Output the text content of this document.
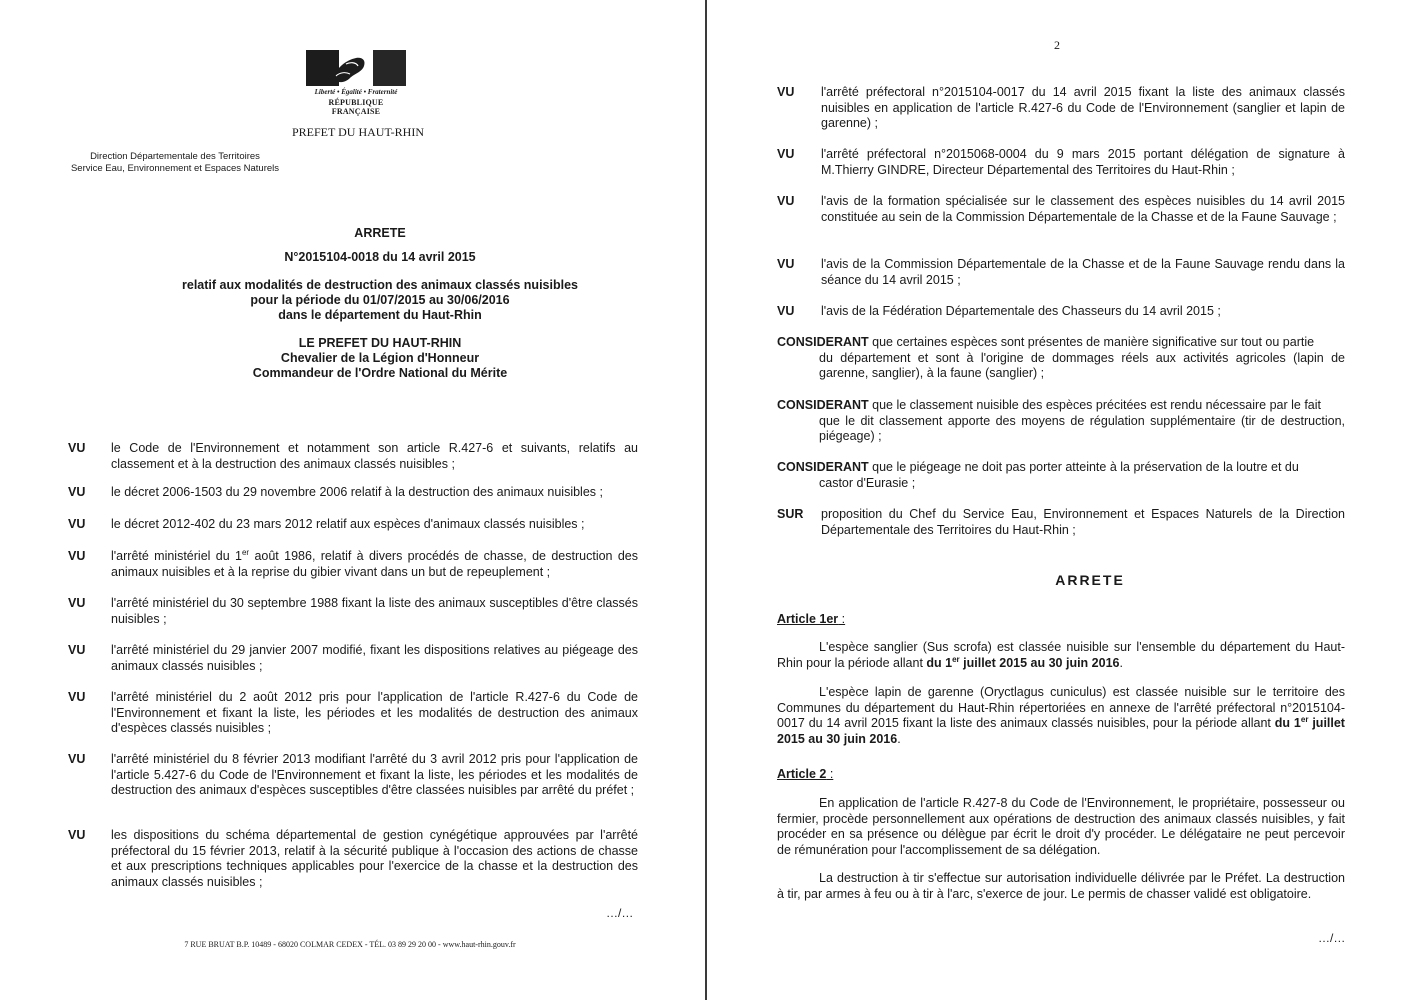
Liberté • Égalité • Fraternité
RÉPUBLIQUE FRANÇAISE
PREFET DU HAUT-RHIN
Direction Départementale des Territoires
Service Eau, Environnement et Espaces Naturels
ARRETE
N°2015104-0018 du 14 avril 2015
relatif aux modalités de destruction des animaux classés nuisibles
pour la période du 01/07/2015 au 30/06/2016
dans le département du Haut-Rhin
LE PREFET DU HAUT-RHIN
Chevalier de la Légion d'Honneur
Commandeur de l'Ordre National du Mérite
VU le Code de l'Environnement et notamment son article R.427-6 et suivants, relatifs au classement et à la destruction des animaux classés nuisibles ;
VU le décret 2006-1503 du 29 novembre 2006 relatif à la destruction des animaux nuisibles ;
VU le décret 2012-402 du 23 mars 2012 relatif aux espèces d'animaux classés nuisibles ;
VU l'arrêté ministériel du 1er août 1986, relatif à divers procédés de chasse, de destruction des animaux nuisibles et à la reprise du gibier vivant dans un but de repeuplement ;
VU l'arrêté ministériel du 30 septembre 1988 fixant la liste des animaux susceptibles d'être classés nuisibles ;
VU l'arrêté ministériel du 29 janvier 2007 modifié, fixant les dispositions relatives au piégeage des animaux classés nuisibles ;
VU l'arrêté ministériel du 2 août 2012 pris pour l'application de l'article R.427-6 du Code de l'Environnement et fixant la liste, les périodes et les modalités de destruction des animaux d'espèces classés nuisibles ;
VU l'arrêté ministériel du 8 février 2013 modifiant l'arrêté du 3 avril 2012 pris pour l'application de l'article 5.427-6 du Code de l'Environnement et fixant la liste, les périodes et les modalités de destruction des animaux d'espèces susceptibles d'être classées nuisibles par arrêté du préfet ;
VU les dispositions du schéma départemental de gestion cynégétique approuvées par l'arrêté préfectoral du 15 février 2013, relatif à la sécurité publique à l'occasion des actions de chasse et aux prescriptions techniques applicables pour l'exercice de la chasse et la destruction des animaux classés nuisibles ;
…/…
7 RUE BRUAT B.P. 10489 - 68020 COLMAR CEDEX - TÉL. 03 89 29 20 00 - www.haut-rhin.gouv.fr
2
VU l'arrêté préfectoral n°2015104-0017 du 14 avril 2015 fixant la liste des animaux classés nuisibles en application de l'article R.427-6 du Code de l'Environnement (sanglier et lapin de garenne) ;
VU l'arrêté préfectoral n°2015068-0004 du 9 mars 2015 portant délégation de signature à M.Thierry GINDRE, Directeur Départemental des Territoires du Haut-Rhin ;
VU l'avis de la formation spécialisée sur le classement des espèces nuisibles du 14 avril 2015 constituée au sein de la Commission Départementale de la Chasse et de la Faune Sauvage ;
VU l'avis de la Commission Départementale de la Chasse et de la Faune Sauvage rendu dans la séance du 14 avril 2015 ;
VU l'avis de la Fédération Départementale des Chasseurs du 14 avril 2015 ;
CONSIDERANT que certaines espèces sont présentes de manière significative sur tout ou partie
du département et sont à l'origine de dommages réels aux activités agricoles (lapin de garenne, sanglier), à la faune (sanglier) ;
CONSIDERANT que le classement nuisible des espèces précitées est rendu nécessaire par le fait
que le dit classement apporte des moyens de régulation supplémentaire (tir de destruction, piégeage) ;
CONSIDERANT que le piégeage ne doit pas porter atteinte à la préservation de la loutre et du
castor d'Eurasie ;
SUR proposition du Chef du Service Eau, Environnement et Espaces Naturels de la Direction Départementale des Territoires du Haut-Rhin ;
ARRETE
Article 1er :
L'espèce sanglier (Sus scrofa) est classée nuisible sur l'ensemble du département du Haut-Rhin pour la période allant du 1er juillet 2015 au 30 juin 2016.
L'espèce lapin de garenne (Oryctlagus cuniculus) est classée nuisible sur le territoire des Communes du département du Haut-Rhin répertoriées en annexe de l'arrêté préfectoral n°2015104-0017 du 14 avril 2015 fixant la liste des animaux classés nuisibles, pour la période allant du 1er juillet 2015 au 30 juin 2016.
Article 2 :
En application de l'article R.427-8 du Code de l'Environnement, le propriétaire, possesseur ou fermier, procède personnellement aux opérations de destruction des animaux classés nuisibles, y fait procéder en sa présence ou délègue par écrit le droit d'y procéder. Le délégataire ne peut percevoir de rémunération pour l'accomplissement de sa délégation.
La destruction à tir s'effectue sur autorisation individuelle délivrée par le Préfet. La destruction à tir, par armes à feu ou à tir à l'arc, s'exerce de jour. Le permis de chasser validé est obligatoire.
…/…
